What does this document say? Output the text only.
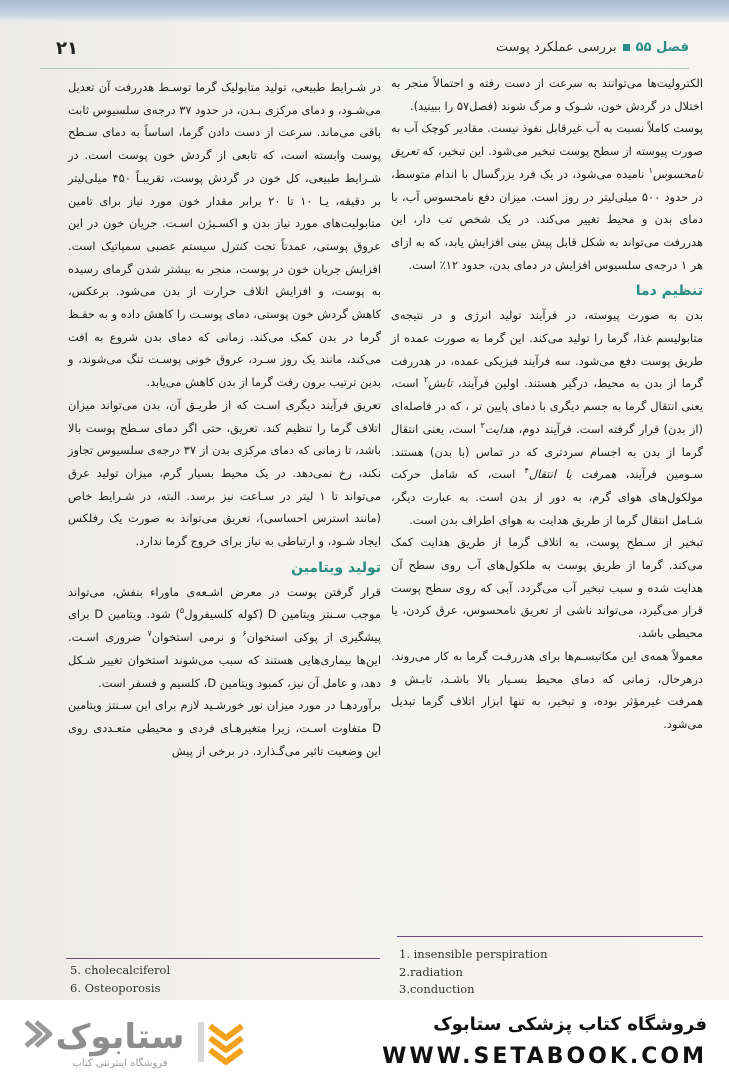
۲۱	فصل ۵۵بررسی عملکرد پوست

الکترولیت‌ها می‌توانند به سرعت از دست رفته و احتمالاً منجر به اختلال در گردش خون، شـوک و مرگ شوند (فصل۵۷ را ببینید).

پوست کاملاً نسبت به آب غیرقابل نفوذ نیست. مقادیر کوچک آب به صورت پیوسته از سطح پوست تبخیر می‌شود. این تبخیر، که تعریق نامحسوس$^۱$ نامیده می‌شود، در یک فرد بزرگسال با اندام متوسط، در حدود ۵۰۰ میلی‌لیتر در روز است. میزان دفع نامحسوس آب، با دمای بدن و محیط تغییر می‌کند. در یک شخص تب دار، این هدررفت می‌تواند به شکل قابل پیش بینی افزایش یابد، که به ازای هر ۱ درجه‌ی سلسیوس افزایش در دمای بدن، حدود ۱۲٪ است.

تنظیم دما

بدن به صورت پیوسته، در فرآیند تولید انرژی و در نتیجه‌ی متابولیسم غذا، گرما را تولید می‌کند. این گرما به صورت عمده از طریق پوست دفع می‌شود. سه فرآیند فیزیکی عمده، در هدررفت گرما از بدن به محیط، درگیر هستند. اولین فرآیند، تابش$^۲$ است، یعنی انتقال گرما به جسم دیگری با دمای پایین تر ، که در فاصله‌ای (از بدن) قرار گرفته است. فرآیند دوم، هدایت$^۳$ است، یعنی انتقال گرما از بدن به اجسام سردتری که در تماس (با بدن) هستند. سـومین فرآیند، همرفت یا انتقال$^۴$ است، که شامل حرکت مولکول‌های هوای گرم، به دور از بدن است. به عبارت دیگر، شـامل انتقال گرما از طریق هدایت به هوای اطراف بدن است.

تبخیر از سـطح پوست، به اتلاف گرما از طریق هدایت کمک می‌کند. گرما از طریق پوست به ملکول‌های آب روی سطح آن هدایت شده و سبب تبخیر آب می‌گردد. آبی که روی سطح پوست قرار می‌گیرد، می‌تواند ناشی از تعریق نامحسوس، عرق کردن، یا محیطی باشد.

معمولاً همه‌ی این مکانیسـم‌ها برای هدررفـت گرما به کار می‌روند. درهرحال، زمانی که دمای محیط بسـیار بالا باشـد، تابـش و همرفت غیرمؤثر بوده، و تبخیر، به تنها ابزار اتلاف گرما تبدیل می‌شود.

1. insensible perspiration
2.radiation
3.conduction

در شـرایط طبیعی، تولید متابولیک گرما توسـط هدررفت آن تعدیل می‌شـود، و دمای مرکزی بـدن، در حدود ۳۷ درجه‌ی سلسیوس ثابت باقی می‌ماند. سرعت از دست دادن گرما، اساساً به دمای سـطح پوست وابسته است، که تابعی از گردش خون پوست است. در شـرایط طبیعی، کل خون در گردش پوست، تقریبـاً ۴۵۰ میلی‌لیتر بر دقیقه، یـا ۱۰ تا ۲۰ برابر مقدار خون مورد نیاز برای تامین متابولیت‌های مورد نیاز بدن و اکسـیژن اسـت. جریان خون در این عروق پوستی، عمدتاً تحت کنترل سیستم عصبی سمپاتیک است. افزایش جریان خون در پوست، منجر به بیشتر شدن گرمای رسیده به پوست، و افزایش اتلاف حرارت از بدن می‌شود. برعکس، کاهش گردش خون پوستی، دمای پوسـت را کاهش داده و به حفـظ گرما در بدن کمک می‌کند. زمانی که دمای بدن شروع به افت می‌کند، مانند یک روز سـرد، عروق خونی پوسـت تنگ می‌شوند، و بدین ترتیب برون رفت گرما از بدن کاهش می‌یابد.

تعریق فرآیند دیگری اسـت که از طریـق آن، بدن می‌تواند میزان اتلاف گرما را تنظیم کند. تعریق، حتی اگر دمای سـطح پوست بالا باشد، تا زمانی که دمای مرکزی بدن از ۳۷ درجه‌ی سلسیوس تجاوز نکند، رخ نمی‌دهد. در یک محیط بسیار گرم، میزان تولید عرق می‌تواند تا ۱ لیتر در سـاعت نیز برسد. البته، در شـرایط خاص (مانند استرس احساسی)، تعریق می‌تواند به صورت یک رفلکس ایجاد شـود، و ارتباطی به نیاز برای خروج گرما ندارد.

تولید ویتامین

قرار گرفتن پوست در معرض اشـعه‌ی ماوراء بنفش، می‌تواند موجب سـنتز ویتامین D (کوله کلسیفرول$^۵$) شود. ویتامین D برای پیشگیری از پوکی استخوان$^۶$ و نرمی استخوان$^۷$ ضروری اسـت. این‌ها بیماری‌هایی هستند که سبب می‌شوند استخوان تغییر شـکل دهد، و عامل آن نیز، کمبود ویتامین D، کلسیم و فسفر است.

برآوردهـا در مورد میزان نور خورشـید لازم برای این سـنتز ویتامین D متفاوت اسـت، زیرا متغیرهـای فردی و محیطی متعـددی روی این وضعیت تاثیر می‌گـذارد. در برخی از پیش

5. cholecalciferol
6. Osteoporosis
ستابوک
فروشگاه اینترنتی کتاب
فروشگاه کتاب پزشکی ستابوک
WWW.SETABOOK.COM
